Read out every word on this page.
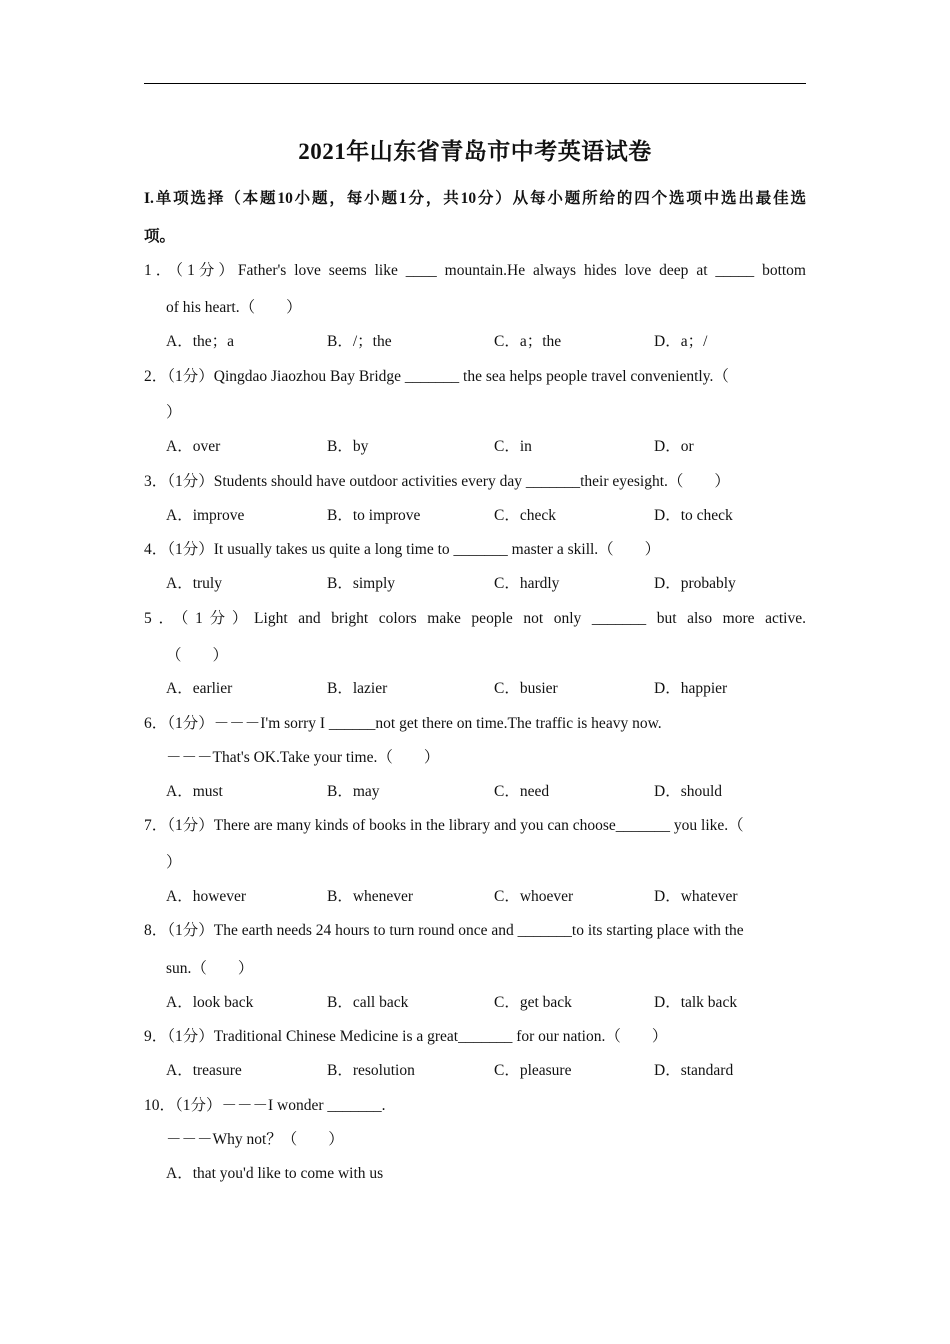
2021年山东省青岛市中考英语试卷
I.单项选择（本题10小题，每小题1分，共10分）从每小题所给的四个选项中选出最佳选
项。
1．（1分）Father's love seems like ____ mountain.He always hides love deep at _____ bottom
of his heart.（　　）
A．the；a	B．/；the	C．a；the	D．a；/
2．（1分）Qingdao Jiaozhou Bay Bridge _______ the sea helps people travel conveniently.（
）
A．over	B．by	C．in	D．or
3．（1分）Students should have outdoor activities every day _______their eyesight.（　　）
A．improve	B．to improve	C．check	D．to check
4．（1分）It usually takes us quite a long time to _______ master a skill.（　　）
A．truly	B．simply	C．hardly	D．probably
5．（1分）Light and bright colors make people not only _______ but also more active.
（　　）
A．earlier	B．lazier	C．busier	D．happier
6．（1分）－－－I'm sorry I ______not get there on time.The traffic is heavy now.
－－－That's OK.Take your time.（　　）
A．must	B．may	C．need	D．should
7．（1分）There are many kinds of books in the library and you can choose_______ you like.（
）
A．however	B．whenever	C．whoever	D．whatever
8．（1分）The earth needs 24 hours to turn round once and _______to its starting place with the
sun.（　　）
A．look back	B．call back	C．get back	D．talk back
9．（1分）Traditional Chinese Medicine is a great_______ for our nation.（　　）
A．treasure	B．resolution	C．pleasure	D．standard
10．（1分）－－－I wonder _______.
－－－Why not？（　　）
A．that you'd like to come with us
